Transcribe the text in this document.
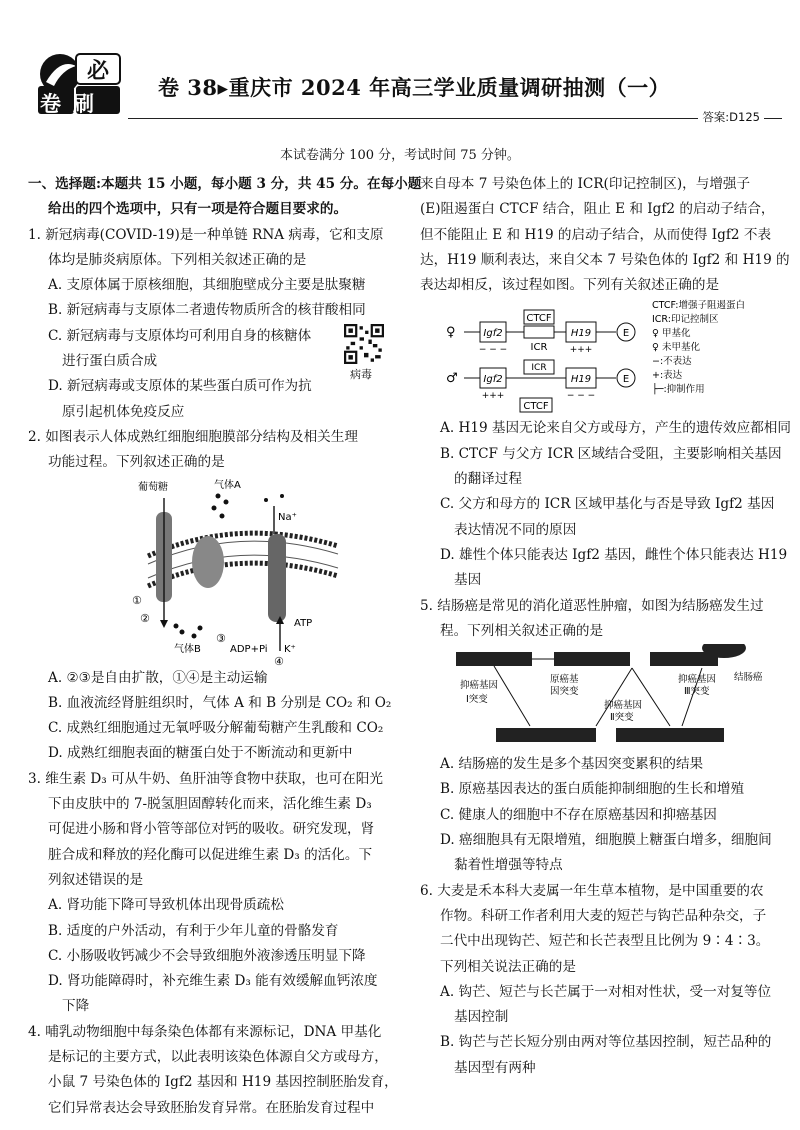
必
卷刷
卷 38▸重庆市 2024 年高三学业质量调研抽测（一）
答案:D125
本试卷满分 100 分，考试时间 75 分钟。
一、选择题:本题共 15 小题，每小题 3 分，共 45 分。在每小题
给出的四个选项中，只有一项是符合题目要求的。
1. 新冠病毒(COVID-19)是一种单链 RNA 病毒，它和支原
体均是肺炎病原体。下列相关叙述正确的是
A. 支原体属于原核细胞，其细胞壁成分主要是肽聚糖
B. 新冠病毒与支原体二者遗传物质所含的核苷酸相同
C. 新冠病毒与支原体均可利用自身的核糖体
进行蛋白质合成
D. 新冠病毒或支原体的某些蛋白质可作为抗
原引起机体免疫反应
2. 如图表示人体成熟红细胞细胞膜部分结构及相关生理
功能过程。下列叙述正确的是
病毒
葡萄糖	气体A
Na⁺
①
②
③
气体B	ADP+Pi K⁺
ATP
④
A. ②③是自由扩散，①④是主动运输
B. 血液流经肾脏组织时，气体 A 和 B 分别是 CO₂ 和 O₂
C. 成熟红细胞通过无氧呼吸分解葡萄糖产生乳酸和 CO₂
D. 成熟红细胞表面的糖蛋白处于不断流动和更新中
3. 维生素 D₃ 可从牛奶、鱼肝油等食物中获取，也可在阳光
下由皮肤中的 7-脱氢胆固醇转化而来，活化维生素 D₃
可促进小肠和肾小管等部位对钙的吸收。研究发现，肾
脏合成和释放的羟化酶可以促进维生素 D₃ 的活化。下
列叙述错误的是
A. 肾功能下降可导致机体出现骨质疏松
B. 适度的户外活动，有利于少年儿童的骨骼发育
C. 小肠吸收钙减少不会导致细胞外液渗透压明显下降
D. 肾功能障碍时，补充维生素 D₃ 能有效缓解血钙浓度
下降
4. 哺乳动物细胞中每条染色体都有来源标记，DNA 甲基化
是标记的主要方式，以此表明该染色体源自父方或母方，
小鼠 7 号染色体的 Igf2 基因和 H19 基因控制胚胎发育，
它们异常表达会导致胚胎发育异常。在胚胎发育过程中
来自母本 7 号染色体上的 ICR(印记控制区)，与增强子
(E)阻遏蛋白 CTCF 结合，阻止 E 和 Igf2 的启动子结合，
但不能阻止 E 和 H19 的启动子结合，从而使得 Igf2 不表
达，H19 顺利表达，来自父本 7 号染色体的 Igf2 和 H19 的
表达却相反，该过程如图。下列有关叙述正确的是
♀
♂
Igf2
CTCF
ICR
H19
+++
E
− − −
Igf2
ICR
H19	E
+++	− − −
CTCF
CTCF:增强子阻遏蛋白
ICR:印记控制区
♀ 甲基化
♀ 未甲基化
−:不表达
+:表达
├─:抑制作用
A. H19 基因无论来自父方或母方，产生的遗传效应都相同
B. CTCF 与父方 ICR 区域结合受阻，主要影响相关基因
的翻译过程
C. 父方和母方的 ICR 区域甲基化与否是导致 Igf2 基因
表达情况不同的原因
D. 雄性个体只能表达 Igf2 基因，雌性个体只能表达 H19
基因
5. 结肠癌是常见的消化道恶性肿瘤，如图为结肠癌发生过
程。下列相关叙述正确的是
抑癌基因
Ⅰ突变
原癌基
因突变
抑癌基因
Ⅱ突变
抑癌基因
Ⅲ突变
结肠癌
A. 结肠癌的发生是多个基因突变累积的结果
B. 原癌基因表达的蛋白质能抑制细胞的生长和增殖
C. 健康人的细胞中不存在原癌基因和抑癌基因
D. 癌细胞具有无限增殖，细胞膜上糖蛋白增多，细胞间
黏着性增强等特点
6. 大麦是禾本科大麦属一年生草本植物，是中国重要的农
作物。科研工作者利用大麦的短芒与钩芒品种杂交，子
二代中出现钩芒、短芒和长芒表型且比例为 9∶4∶3。
下列相关说法正确的是
A. 钩芒、短芒与长芒属于一对相对性状，受一对复等位
基因控制
B. 钩芒与芒长短分别由两对等位基因控制，短芒品种的
基因型有两种
